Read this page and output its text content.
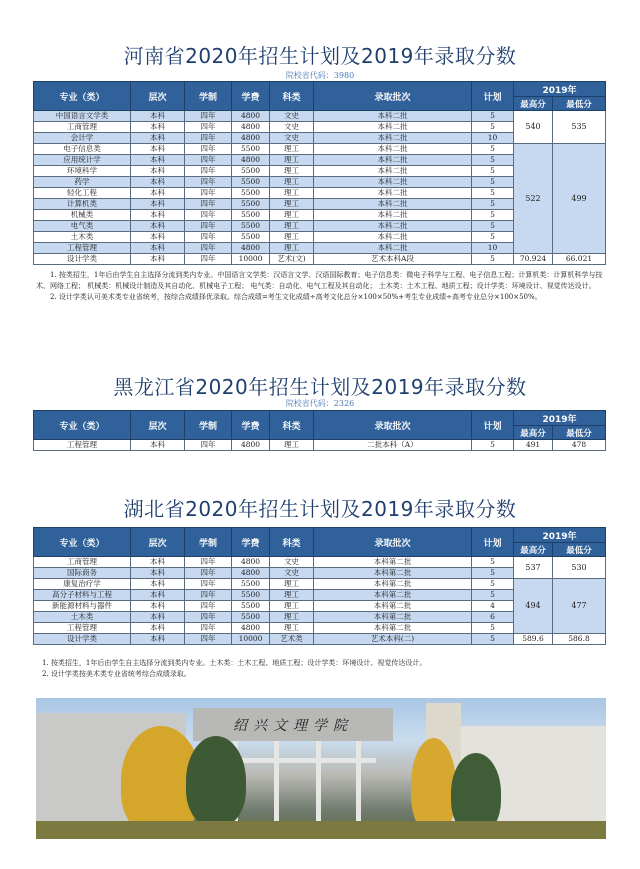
河南省2020年招生计划及2019年录取分数
院校省代码：3980
专业（类）	层次	学制	学费	科类	录取批次	计划	2019年	
							最高分	最低分
中国语言文学类	本科	四年	4800	文史	本科二批	5	540	535
工商管理	本科	四年	4800	文史	本科二批	5		
会计学	本科	四年	4800	文史	本科二批	10		
电子信息类	本科	四年	5500	理工	本科二批	5	522	499
应用统计学	本科	四年	4800	理工	本科二批	5		
环境科学	本科	四年	5500	理工	本科二批	5		
药学	本科	四年	5500	理工	本科二批	5		
轻化工程	本科	四年	5500	理工	本科二批	5		
计算机类	本科	四年	5500	理工	本科二批	5		
机械类	本科	四年	5500	理工	本科二批	5		
电气类	本科	四年	5500	理工	本科二批	5		
土木类	本科	四年	5500	理工	本科二批	5		
工程管理	本科	四年	4800	理工	本科二批	10		
设计学类	本科	四年	10000	艺术(文)	艺术本科A段	5	70.924	66.021

1. 按类招生，1年后由学生自主选择分流到类内专业。中国语言文学类：汉语言文学、汉语国际教育；电子信息类：微电子科学与工程、电子信息工程；计算机类：计算机科学与技术、网络工程； 机械类：机械设计制造及其自动化、机械电子工程； 电气类：自动化、电气工程及其自动化； 土木类：土木工程、地质工程；设计学类：环境设计、视觉传达设计。

2. 设计学类认可美术类专业省统考，按综合成绩择优录取。综合成绩=考生文化成绩÷高考文化总分×100×50%+考生专业成绩÷高考专业总分×100×50%。

黑龙江省2020年招生计划及2019年录取分数
院校省代码：2326
专业（类）	层次	学制	学费	科类	录取批次	计划	2019年	
							最高分	最低分
工程管理	本科	四年	4800	理工	二批本科（A）	5	491	478
湖北省2020年招生计划及2019年录取分数
专业（类）	层次	学制	学费	科类	录取批次	计划	2019年	
							最高分	最低分
工商管理	本科	四年	4800	文史	本科第二批	5	537	530
国际商务	本科	四年	4800	文史	本科第二批	5		
康复治疗学	本科	四年	5500	理工	本科第二批	5	494	477
高分子材料与工程	本科	四年	5500	理工	本科第二批	5		
新能源材料与器件	本科	四年	5500	理工	本科第二批	4		
土木类	本科	四年	5500	理工	本科第二批	6		
工程管理	本科	四年	4800	理工	本科第二批	5		
设计学类	本科	四年	10000	艺术类	艺术本科(二)	5	589.6	586.8

1. 按类招生，1年后由学生自主选择分流到类内专业。土木类：土木工程、地质工程；设计学类：环境设计、视觉传达设计。

2. 设计学类按美术类专业省统考综合成绩录取。

绍兴文理学院
